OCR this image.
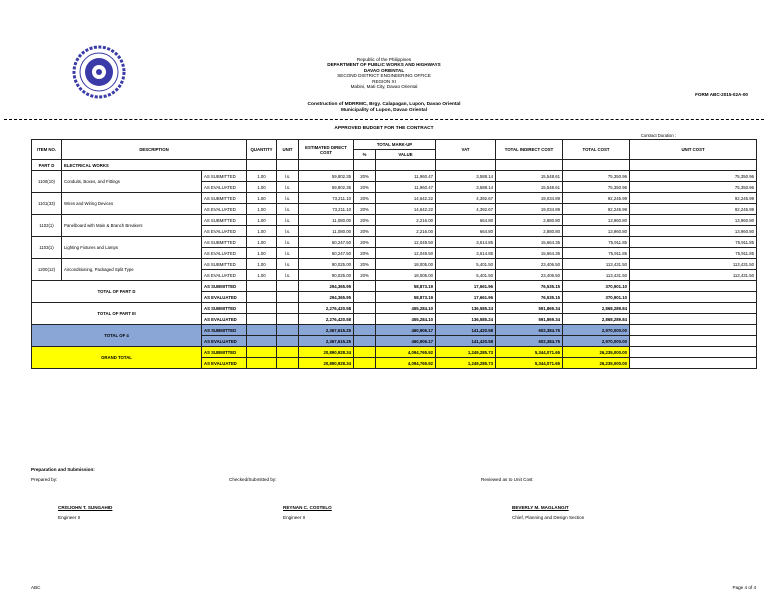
Republic of the Philippines
DEPARTMENT OF PUBLIC WORKS AND HIGHWAYS
DAVAO ORIENTAL
SECOND DISTRICT ENGINEERING OFFICE
REGION XI
Mabini, Mati City, Davao Oriental
FORM ABC-2015-02A-00
Construction of MDRRMC, Brgy. Calapagan, Lupon, Davao Oriental
Municipality of Lupon, Davao Oriental
APPROVED BUDGET FOR THE CONTRACT
Contract Duration :
ITEM NO.	DESCRIPTION		QUANTITY	UNIT	ESTIMATED DIRECT COST	TOTAL MARK-UP		VAT	TOTAL INDIRECT COST	TOTAL COST	UNIT COST
						%	VALUE				
PART D	ELECTRICAL WORKS										
1100(10)	Conduits, Boxes, and Fittings	AS SUBMITTED	1.00	l.s.	59,802.35	20%	11,960.47	3,588.14	15,548.61	75,350.96	75,350.96
		AS EVALUATED	1.00	l.s.	59,802.35	20%	11,960.47	3,588.14	15,548.61	75,350.96	75,350.96
1101(33)	Wires and Wiring Devices	AS SUBMITTED	1.00	l.s.	73,211.10	20%	14,642.22	4,392.67	19,034.89	92,245.99	92,245.99
		AS EVALUATED	1.00	l.s.	73,211.10	20%	14,642.22	4,392.67	19,034.89	92,245.99	92,245.99
1102(1)	Panelboard with Main & Branch Breakers	AS SUBMITTED	1.00	l.s.	11,080.00	20%	2,216.00	664.80	2,880.80	13,960.80	13,960.80
		AS EVALUATED	1.00	l.s.	11,080.00	20%	2,216.00	664.80	2,880.80	13,960.80	13,960.80
1103(1)	Lighting Fixtures and Lamps	AS SUBMITTED	1.00	l.s.	60,247.50	20%	12,049.50	3,614.85	15,664.35	75,911.85	75,911.85
		AS EVALUATED	1.00	l.s.	60,247.50	20%	12,049.50	3,614.85	15,664.35	75,911.85	75,911.85
1200(12)	Airconditioning, Packaged Split Type	AS SUBMITTED	1.00	l.s.	90,025.00	20%	18,005.00	5,401.50	23,406.50	113,431.50	113,431.50
		AS EVALUATED	1.00	l.s.	90,025.00	20%	18,005.00	5,401.50	23,406.50	113,431.50	113,431.50
TOTAL OF PART D		AS SUBMITTED			294,365.95		58,873.19	17,661.96	76,535.15	370,901.10	
		AS EVALUATED			294,365.95		58,873.19	17,661.96	76,535.15	370,901.10	
TOTAL OF PART III		AS SUBMITTED			2,276,420.58		455,284.10	136,585.24	591,869.34	2,868,289.84	
		AS EVALUATED			2,276,420.58		455,284.10	136,585.24	591,869.34	2,868,289.84	
TOTAL OF 4		AS SUBMITTED			2,367,615.25		460,906.17	141,420.58	602,384.75	2,970,000.00	
		AS EVALUATED			2,367,615.25		460,906.17	141,420.58	602,384.75	2,970,000.00	
GRAND TOTAL		AS SUBMITTED			20,890,928.34		4,094,765.92	1,249,285.73	5,344,071.65	26,235,000.00	
		AS EVALUATED			20,890,928.34		4,094,765.92	1,249,285.73	5,344,071.65	26,235,000.00	
Preparation and Submission:
Prepared by:	Checked/Submitted by:	Reviewed as to Unit Cost
CRISJOHN T. SUNGAHID
Engineer II
REYNAN C. COSTELO
Engineer II
BEVERLY M. MAGLANGIT
Chief, Planning and Design Section
ABC	Page 4 of 4
